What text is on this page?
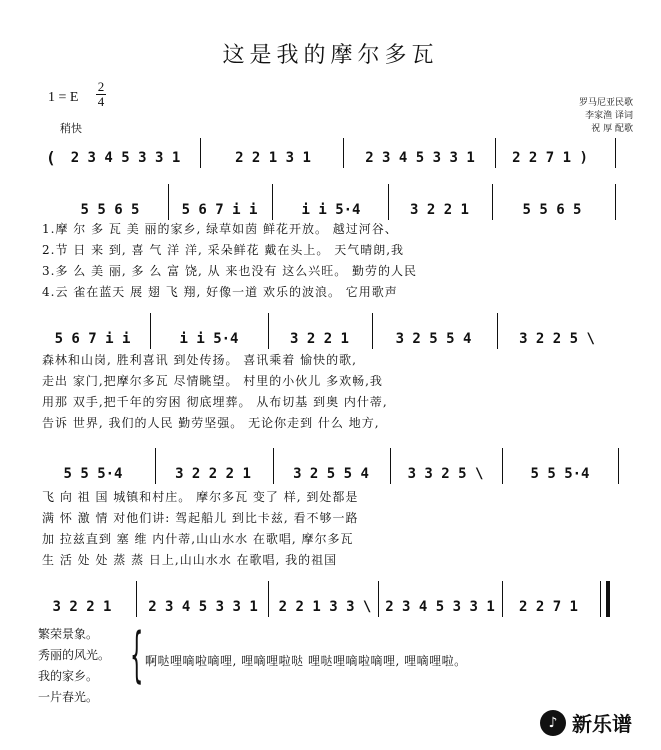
这是我的摩尔多瓦
1 = E
2
4
稍快
罗马尼亚民歌
李家渔 译词
祝 厚 配歌
(	2 3 4 5 3 3 1	2 2 1 3 1	2 3 4 5 3 3 1	2 2 7 1 )
5 5 6 5	5 6 7 i i	i i 5·4	3 2 2 1	5 5 6 5
1.摩 尔 多 瓦 美 丽的家乡, 绿草如茵 鲜花开放。 越过河谷、
2.节 日 来 到, 喜 气 洋 洋, 采朵鲜花 戴在头上。 天气晴朗,我
3.多 么 美 丽, 多 么 富 饶, 从 来也没有 这么兴旺。 勤劳的人民
4.云 雀在蓝天 展 翅 飞 翔, 好像一道 欢乐的波浪。 它用歌声
5 6 7 i i	i i 5·4	3 2 2 1	3 2 5 5 4	3 2 2 5 \
森林和山岗, 胜利喜讯 到处传扬。 喜讯乘着 愉快的歌,
走出 家门,把摩尔多瓦 尽情眺望。 村里的小伙儿 多欢畅,我
用那 双手,把千年的穷困 彻底埋葬。 从布切基 到奥 内什蒂,
告诉 世界, 我们的人民 勤劳坚强。 无论你走到 什么 地方,
5 5 5·4	3 2 2 2 1	3 2 5 5 4	3 3 2 5 \	5 5 5·4
飞 向 祖 国 城镇和村庄。 摩尔多瓦 变了 样, 到处都是
满 怀 激 情 对他们讲: 驾起船儿 到比卡兹, 看不够一路
加 拉兹直到 塞 维 内什蒂,山山水水 在歌唱, 摩尔多瓦
生 活 处 处 蒸 蒸 日上,山山水水 在歌唱, 我的祖国
3 2 2 1	2 3 4 5 3 3 1	2 2 1 3 3 \ 2 3 4 5 3 3 1	2 2 7 1
繁荣景象。
秀丽的风光。
我的家乡。
一片春光。
{ 啊哒哩嘀啦嘀哩, 哩嘀哩啦哒 哩哒哩嘀啦嘀哩, 哩嘀哩啦。
♪ 新乐谱
